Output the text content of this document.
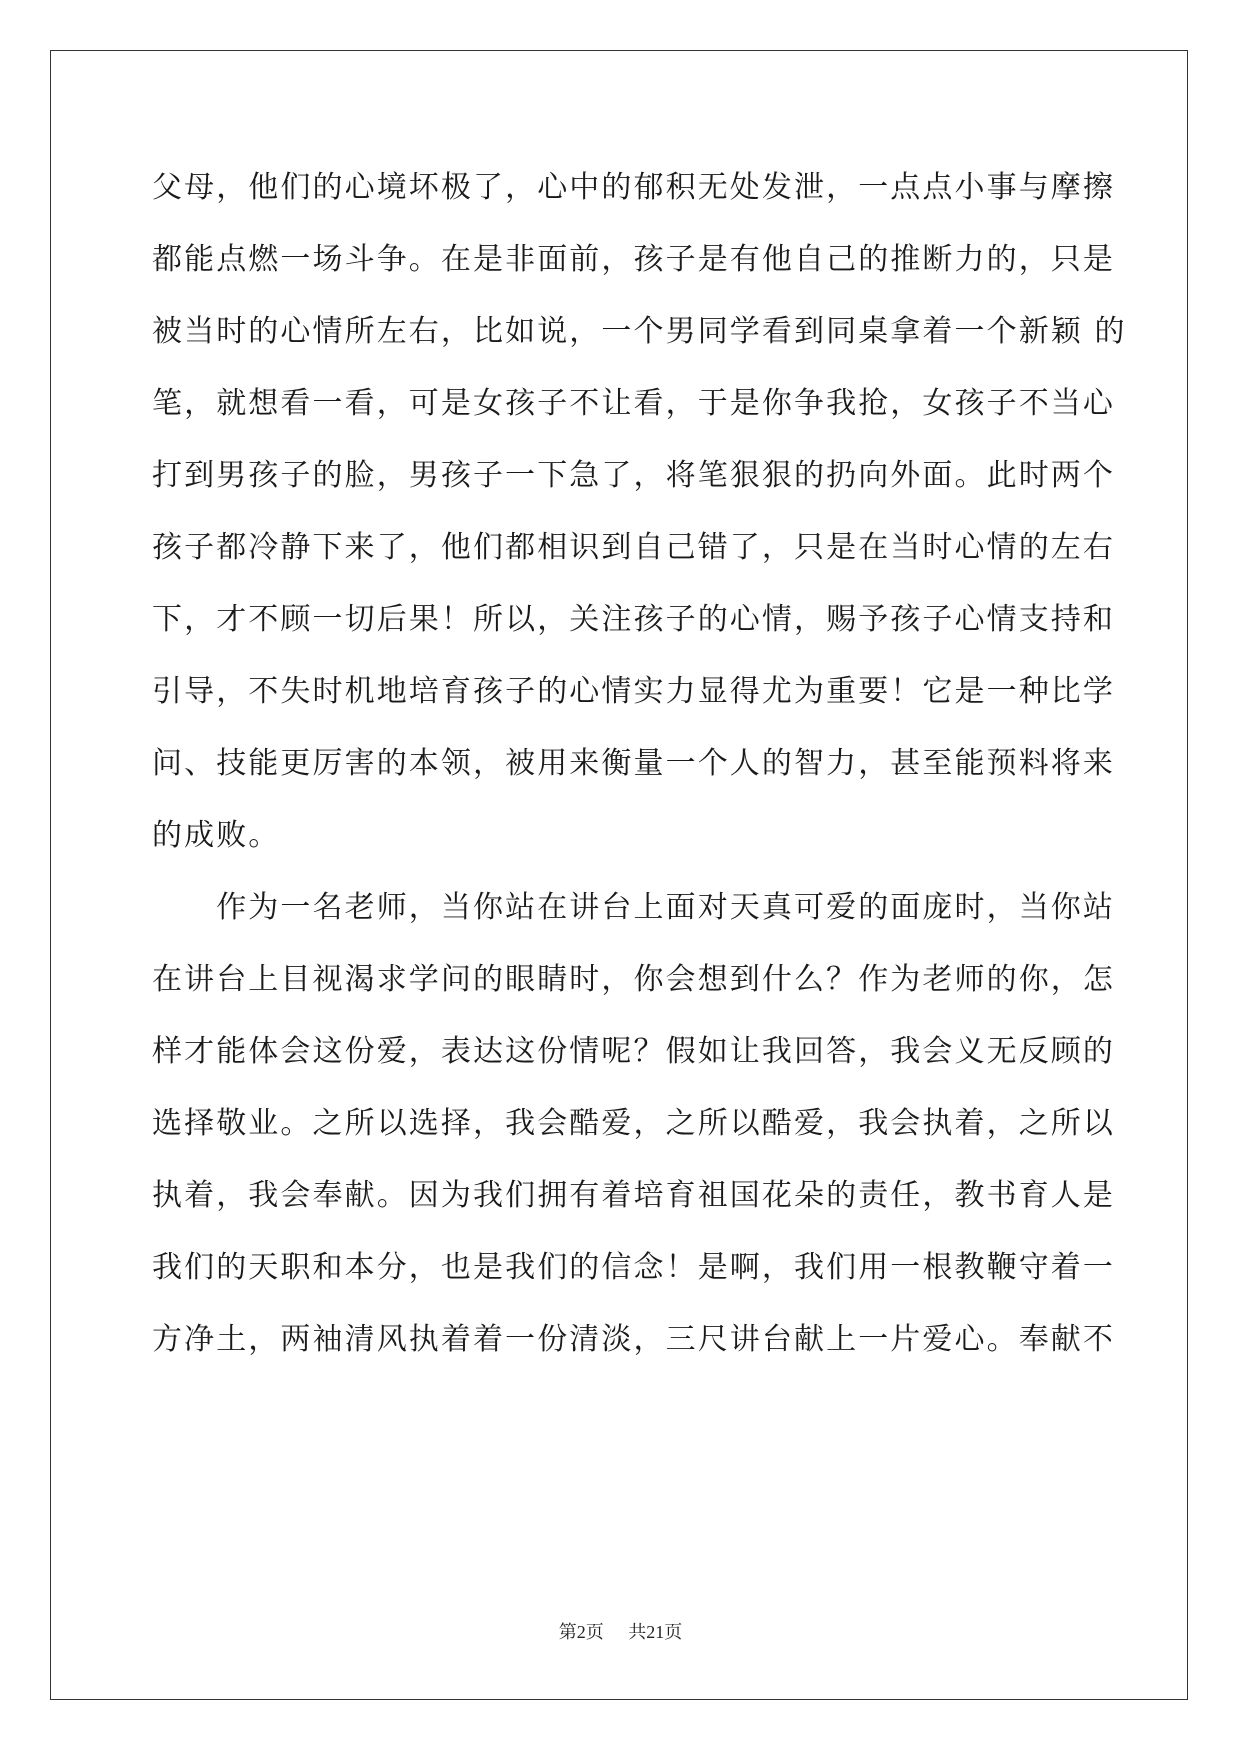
父母，他们的心境坏极了，心中的郁积无处发泄，一点点小事与摩擦
都能点燃一场斗争。在是非面前，孩子是有他自己的推断力的，只是
被当时的心情所左右，比如说，一个男同学看到同桌拿着一个新颖 的
笔，就想看一看，可是女孩子不让看，于是你争我抢，女孩子不当心
打到男孩子的脸，男孩子一下急了，将笔狠狠的扔向外面。此时两个
孩子都冷静下来了，他们都相识到自己错了，只是在当时心情的左右
下，才不顾一切后果！所以，关注孩子的心情，赐予孩子心情支持和
引导，不失时机地培育孩子的心情实力显得尤为重要！它是一种比学
问、技能更厉害的本领，被用来衡量一个人的智力，甚至能预料将来
的成败。
　　作为一名老师，当你站在讲台上面对天真可爱的面庞时，当你站
在讲台上目视渴求学问的眼睛时，你会想到什么？作为老师的你，怎
样才能体会这份爱，表达这份情呢？假如让我回答，我会义无反顾的
选择敬业。之所以选择，我会酷爱，之所以酷爱，我会执着，之所以
执着，我会奉献。因为我们拥有着培育祖国花朵的责任，教书育人是
我们的天职和本分，也是我们的信念！是啊，我们用一根教鞭守着一
方净土，两袖清风执着着一份清淡，三尺讲台献上一片爱心。奉献不
第2页 共21页
